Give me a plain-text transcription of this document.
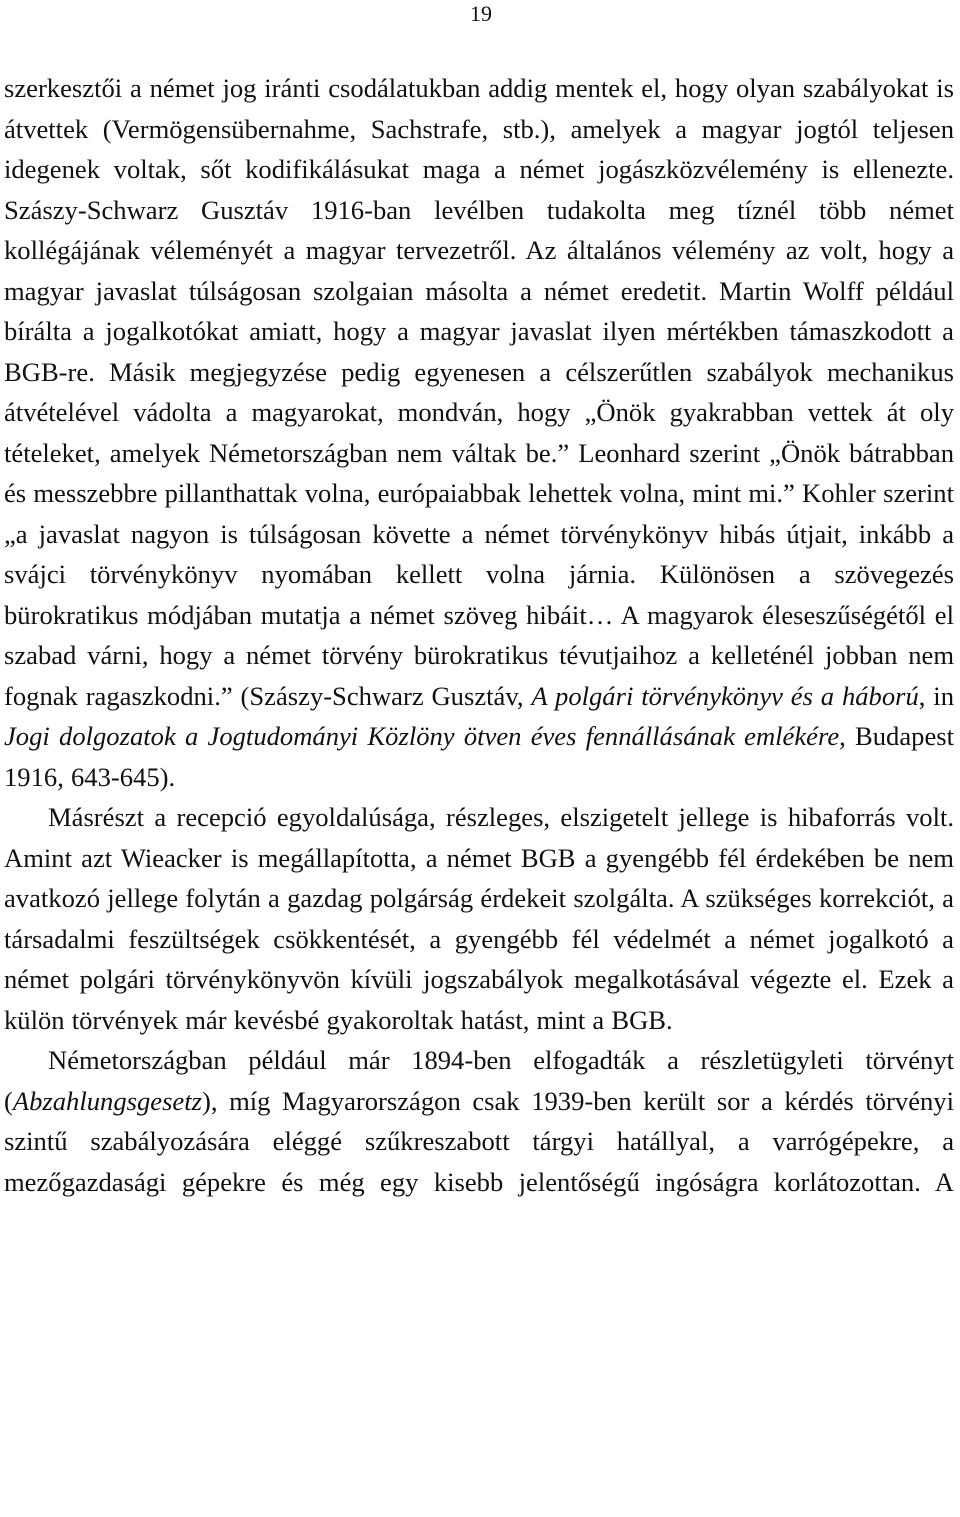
19

szerkesztői a német jog iránti csodálatukban addig mentek el, hogy olyan szabályokat is átvettek (Vermögensübernahme, Sachstrafe, stb.), amelyek a magyar jogtól teljesen idegenek voltak, sőt kodifikálásukat maga a német jogászközvélemény is ellenezte. Szászy-Schwarz Gusztáv 1916-ban levélben tudakolta meg tíznél több német kollégájának véleményét a magyar tervezetről. Az általános vélemény az volt, hogy a magyar javaslat túlságosan szolgaian másolta a német eredetit. Martin Wolff például bírálta a jogalkotókat amiatt, hogy a magyar javaslat ilyen mértékben támaszkodott a BGB-re. Másik megjegyzése pedig egyenesen a célszerűtlen szabályok mechanikus átvételével vádolta a magyarokat, mondván, hogy „Önök gyakrabban vettek át oly tételeket, amelyek Németországban nem váltak be.” Leonhard szerint „Önök bátrabban és messzebbre pillanthattak volna, európaiabbak lehettek volna, mint mi.” Kohler szerint „a javaslat nagyon is túlságosan követte a német törvénykönyv hibás útjait, inkább a svájci törvénykönyv nyomában kellett volna járnia. Különösen a szövegezés bürokratikus módjában mutatja a német szöveg hibáit… A magyarok éleseszűségétől el szabad várni, hogy a német törvény bürokratikus tévutjaihoz a kelleténél jobban nem fognak ragaszkodni.” (Szászy-Schwarz Gusztáv, A polgári törvénykönyv és a háború, in Jogi dolgozatok a Jogtudományi Közlöny ötven éves fennállásának emlékére, Budapest 1916, 643-645).

Másrészt a recepció egyoldalúsága, részleges, elszigetelt jellege is hibaforrás volt. Amint azt Wieacker is megállapította, a német BGB a gyengébb fél érdekében be nem avatkozó jellege folytán a gazdag polgárság érdekeit szolgálta. A szükséges korrekciót, a társadalmi feszültségek csökkentését, a gyengébb fél védelmét a német jogalkotó a német polgári törvénykönyvön kívüli jogszabályok megalkotásával végezte el. Ezek a külön törvények már kevésbé gyakoroltak hatást, mint a BGB.

Németországban például már 1894-ben elfogadták a részletügyleti törvényt (Abzahlungsgesetz), míg Magyarországon csak 1939-ben került sor a kérdés törvényi szintű szabályozására eléggé szűkreszabott tárgyi hatállyal, a varrógépekre, a mezőgazdasági gépekre és még egy kisebb jelentőségű ingóságra korlátozottan. A
